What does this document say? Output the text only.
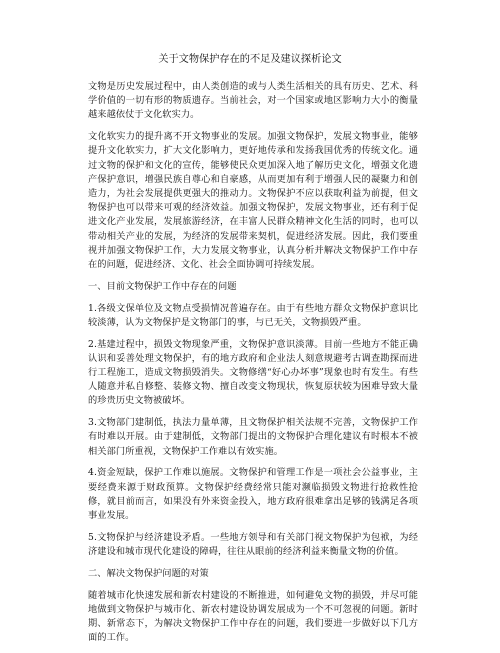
关于文物保护存在的不足及建议探析论文

文物是历史发展过程中，由人类创造的或与人类生活相关的具有历史、艺术、科学价值的一切有形的物质遗存。当前社会，对一个国家或地区影响力大小的衡量越来越依仗于文化软实力。

文化软实力的提升离不开文物事业的发展。加强文物保护，发展文物事业，能够提升文化软实力，扩大文化影响力，更好地传承和发扬我国优秀的传统文化。通过文物的保护和文化的宣传，能够使民众更加深入地了解历史文化，增强文化遗产保护意识，增强民族自尊心和自豪感，从而更加有利于增强人民的凝聚力和创造力，为社会发展提供更强大的推动力。文物保护不应以获取利益为前提，但文物保护也可以带来可观的经济效益。加强文物保护，发展文物事业，还有利于促进文化产业发展，发展旅游经济，在丰富人民群众精神文化生活的同时，也可以带动相关产业的发展，为经济的发展带来契机，促进经济发展。因此，我们要重视并加强文物保护工作，大力发展文物事业，认真分析并解决文物保护工作中存在的问题，促进经济、文化、社会全面协调可持续发展。

一、目前文物保护工作中存在的问题

1.各级文保单位及文物点受损情况普遍存在。由于有些地方群众文物保护意识比较淡薄，认为文物保护是文物部门的事，与已无关，文物损毁严重。

2.基建过程中，损毁文物现象严重，文物保护意识淡薄。目前一些地方不能正确认识和妥善处理文物保护，有的地方政府和企业法人刻意规避考古调查勘探而进行工程施工，造成文物损毁消失。文物修缮“好心办坏事”现象也时有发生。有些人随意并私自修整、装修文物、擅自改变文物现状，恢复原状较为困难导致大量的珍贵历史文物被破坏。

3.文物部门建制低，执法力量单薄，且文物保护相关法规不完善，文物保护工作有时难以开展。由于建制低，文物部门提出的文物保护合理化建议有时根本不被相关部门所重视，文物保护工作难以有效实施。

4.资金短缺，保护工作难以施展。文物保护和管理工作是一项社会公益事业，主要经费来源于财政预算。文物保护经费经常只能对濒临损毁文物进行抢救性抢修，就目前而言，如果没有外来资金投入，地方政府很难拿出足够的钱满足各项事业发展。

5.文物保护与经济建设矛盾。一些地方领导和有关部门视文物保护为包袱，为经济建设和城市现代化建设的障碍，往往从眼前的经济利益来衡量文物的价值。

二、解决文物保护问题的对策

随着城市化快速发展和新农村建设的不断推进，如何避免文物的损毁，并尽可能地做到文物保护与城市化、新农村建设协调发展成为一个不可忽视的问题。新时期、新常态下，为解决文物保护工作中存在的问题，我们要进一步做好以下几方面的工作。
